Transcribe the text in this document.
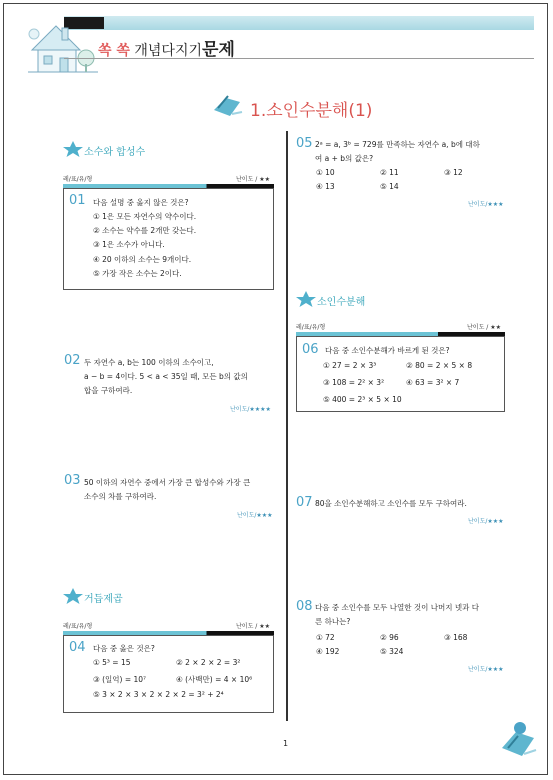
쏙 쏙 개념다지기문제
1.소인수분해(1)
소수와 합성수
레/표/유/형	난이도 / ★★
01 다음 설명 중 옳지 않은 것은?
① 1은 모든 자연수의 약수이다.
② 소수는 약수를 2개만 갖는다.
③ 1은 소수가 아니다.
④ 20 이하의 소수는 9개이다.
⑤ 가장 작은 소수는 2이다.
02 두 자연수 a, b는 100 이하의 소수이고,
a − b = 4이다. 5 < a < 35일 때, 모든 b의 값의
합을 구하여라.
난이도/★★★★
03 50 이하의 자연수 중에서 가장 큰 합성수와 가장 큰
소수의 차를 구하여라.
난이도/★★★
거듭제곱
레/표/유/형	난이도 / ★★
04 다음 중 옳은 것은?
① 5³ = 15	② 2 × 2 × 2 = 3²
③ (일억) = 10⁷	④ (사백만) = 4 × 10⁶
⑤ 3 × 2 × 3 × 2 × 2 × 2 = 3² + 2⁴
05 2ᵃ = a, 3ᵇ = 729를 만족하는 자연수 a, b에 대하
여 a + b의 값은?
① 10	② 11	③ 12
④ 13	⑤ 14
난이도/★★★
소인수분해
레/표/유/형	난이도 / ★★
06 다음 중 소인수분해가 바르게 된 것은?
① 27 = 2 × 3³	② 80 = 2 × 5 × 8
③ 108 = 2² × 3²	④ 63 = 3² × 7
⑤ 400 = 2³ × 5 × 10
07 80을 소인수분해하고 소인수를 모두 구하여라.
난이도/★★★
08 다음 중 소인수를 모두 나열한 것이 나머지 넷과 다
른 하나는?
① 72	② 96	③ 168
④ 192	⑤ 324
난이도/★★★
1
